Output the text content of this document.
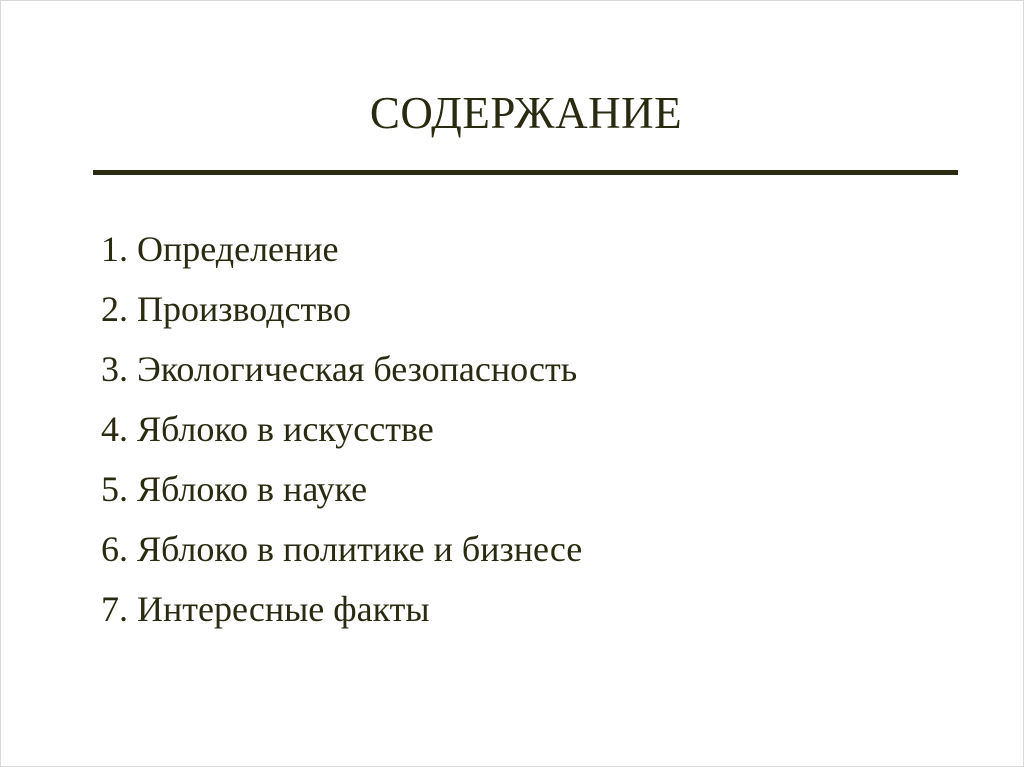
СОДЕРЖАНИЕ
1. Определение
2. Производство
3. Экологическая безопасность
4. Яблоко в искусстве
5. Яблоко в науке
6. Яблоко в политике и бизнесе
7. Интересные факты
